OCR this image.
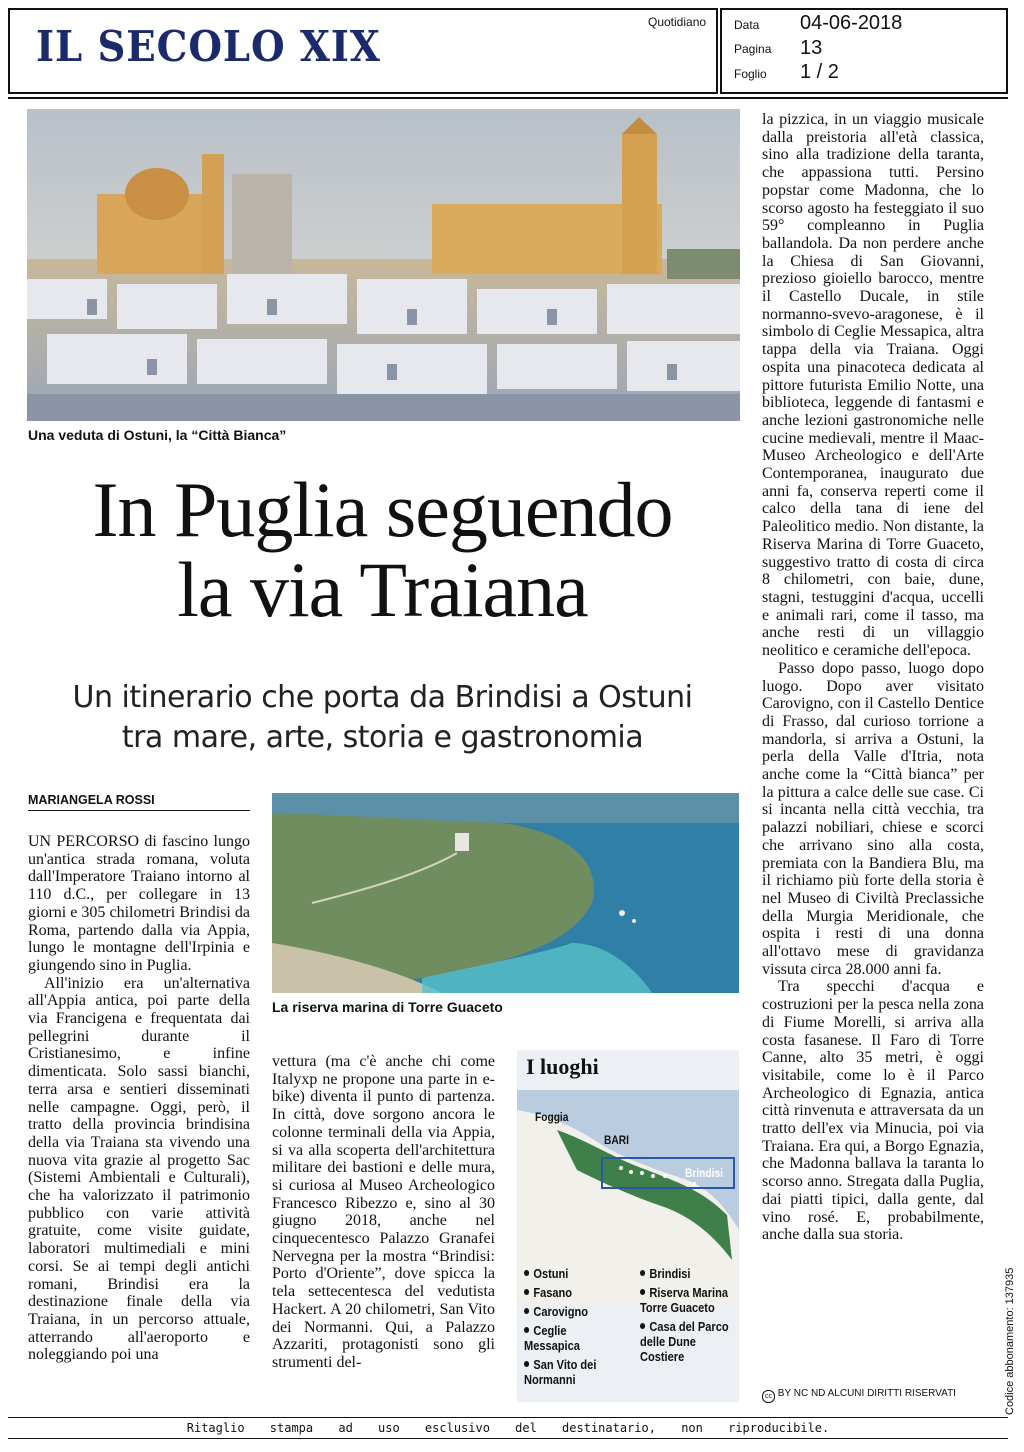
IL SECOLO XIX	Quotidiano Data 04-06-2018
Pagina 13
Foglio 1 / 2
Una veduta di Ostuni, la “Città Bianca”
In Puglia seguendo
la via Traiana
Un itinerario che porta da Brindisi a Ostuni
tra mare, arte, storia e gastronomia
MARIANGELA ROSSI
La riserva marina di Torre Guaceto

UN PERCORSO di fascino lungo un'antica strada romana, voluta dall'Imperatore Traiano intorno al 110 d.C., per collegare in 13 giorni e 305 chilometri Brindisi da Roma, partendo dalla via Appia, lungo le montagne dell'Irpinia e giungendo sino in Puglia.

All'inizio era un'alternativa all'Appia antica, poi parte della via Francigena e frequentata dai pellegrini durante il Cristianesimo, e infine dimenticata. Solo sassi bianchi, terra arsa e sentieri disseminati nelle campagne. Oggi, però, il tratto della provincia brindisina della via Traiana sta vivendo una nuova vita grazie al progetto Sac (Sistemi Ambientali e Culturali), che ha valorizzato il patrimonio pubblico con varie attività gratuite, come visite guidate, laboratori multimediali e mini corsi. Se ai tempi degli antichi romani, Brindisi era la destinazione finale della via Traiana, in un percorso attuale, atterrando all'aeroporto e noleggiando poi una

vettura (ma c'è anche chi come Italyxp ne propone una parte in e-bike) diventa il punto di partenza. In città, dove sorgono ancora le colonne terminali della via Appia, si va alla scoperta dell'architettura militare dei bastioni e delle mura, si curiosa al Museo Archeologico Francesco Ribezzo e, sino al 30 giugno 2018, anche nel cinquecentesco Palazzo Granafei Nervegna per la mostra “Brindisi: Porto d'Oriente”, dove spicca la tela settecentesca del vedutista Hackert. A 20 chilometri, San Vito dei Normanni. Qui, a Palazzo Azzariti, protagonisti sono gli strumenti del-

I luoghi
Foggia
BARI
Brindisi
Ostuni
Fasano
Carovigno
Ceglie Messapica
San Vito dei Normanni
Brindisi
Riserva Marina Torre Guaceto
Casa del Parco delle Dune Costiere

la pizzica, in un viaggio musicale dalla preistoria all'età classica, sino alla tradizione della taranta, che appassiona tutti. Persino popstar come Madonna, che lo scorso agosto ha festeggiato il suo 59° compleanno in Puglia ballandola. Da non perdere anche la Chiesa di San Giovanni, prezioso gioiello barocco, mentre il Castello Ducale, in stile normanno-svevo-aragonese, è il simbolo di Ceglie Messapica, altra tappa della via Traiana. Oggi ospita una pinacoteca dedicata al pittore futurista Emilio Notte, una biblioteca, leggende di fantasmi e anche lezioni gastronomiche nelle cucine medievali, mentre il Maac-Museo Archeologico e dell'Arte Contemporanea, inaugurato due anni fa, conserva reperti come il calco della tana di iene del Paleolitico medio. Non distante, la Riserva Marina di Torre Guaceto, suggestivo tratto di costa di circa 8 chilometri, con baie, dune, stagni, testuggini d'acqua, uccelli e animali rari, come il tasso, ma anche resti di un villaggio neolitico e ceramiche dell'epoca.

Passo dopo passo, luogo dopo luogo. Dopo aver visitato Carovigno, con il Castello Dentice di Frasso, dal curioso torrione a mandorla, si arriva a Ostuni, la perla della Valle d'Itria, nota anche come la “Città bianca” per la pittura a calce delle sue case. Ci si incanta nella città vecchia, tra palazzi nobiliari, chiese e scorci che arrivano sino alla costa, premiata con la Bandiera Blu, ma il richiamo più forte della storia è nel Museo di Civiltà Preclassiche della Murgia Meridionale, che ospita i resti di una donna all'ottavo mese di gravidanza vissuta circa 28.000 anni fa.

Tra specchi d'acqua e costruzioni per la pesca nella zona di Fiume Morelli, si arriva alla costa fasanese. Il Faro di Torre Canne, alto 35 metri, è oggi visitabile, come lo è il Parco Archeologico di Egnazia, antica città rinvenuta e attraversata da un tratto dell'ex via Minucia, poi via Traiana. Era qui, a Borgo Egnazia, che Madonna ballava la taranta lo scorso anno. Stregata dalla Puglia, dai piatti tipici, dalla gente, dal vino rosé. E, probabilmente, anche dalla sua storia.

cc BY NC ND ALCUNI DIRITTI RISERVATI
Ritaglio stampa ad uso esclusivo del destinatario, non riproducibile.
Codice abbonamento: 137935
